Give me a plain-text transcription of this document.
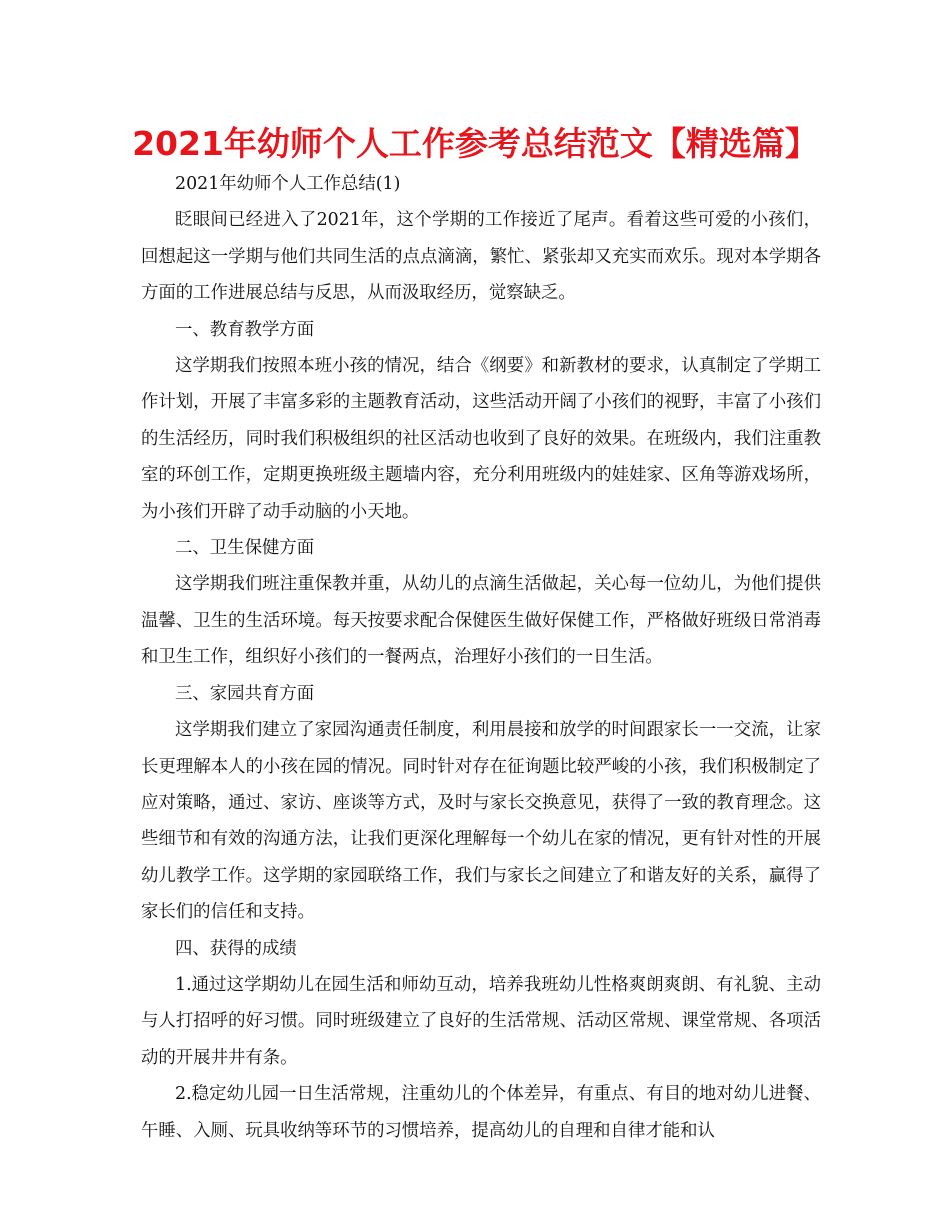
2021年幼师个人工作参考总结范文【精选篇】

2021年幼师个人工作总结(1)

眨眼间已经进入了2021年，这个学期的工作接近了尾声。看着这些可爱的小孩们，回想起这一学期与他们共同生活的点点滴滴，繁忙、紧张却又充实而欢乐。现对本学期各方面的工作进展总结与反思，从而汲取经历，觉察缺乏。

一、教育教学方面

这学期我们按照本班小孩的情况，结合《纲要》和新教材的要求，认真制定了学期工作计划，开展了丰富多彩的主题教育活动，这些活动开阔了小孩们的视野，丰富了小孩们的生活经历，同时我们积极组织的社区活动也收到了良好的效果。在班级内，我们注重教室的环创工作，定期更换班级主题墙内容，充分利用班级内的娃娃家、区角等游戏场所，为小孩们开辟了动手动脑的小天地。

二、卫生保健方面

这学期我们班注重保教并重，从幼儿的点滴生活做起，关心每一位幼儿，为他们提供温馨、卫生的生活环境。每天按要求配合保健医生做好保健工作，严格做好班级日常消毒和卫生工作，组织好小孩们的一餐两点，治理好小孩们的一日生活。

三、家园共育方面

这学期我们建立了家园沟通责任制度，利用晨接和放学的时间跟家长一一交流，让家长更理解本人的小孩在园的情况。同时针对存在征询题比较严峻的小孩，我们积极制定了应对策略，通过、家访、座谈等方式，及时与家长交换意见，获得了一致的教育理念。这些细节和有效的沟通方法，让我们更深化理解每一个幼儿在家的情况，更有针对性的开展幼儿教学工作。这学期的家园联络工作，我们与家长之间建立了和谐友好的关系，赢得了家长们的信任和支持。

四、获得的成绩

1.通过这学期幼儿在园生活和师幼互动，培养我班幼儿性格爽朗爽朗、有礼貌、主动与人打招呼的好习惯。同时班级建立了良好的生活常规、活动区常规、课堂常规、各项活动的开展井井有条。

2.稳定幼儿园一日生活常规，注重幼儿的个体差异，有重点、有目的地对幼儿进餐、午睡、入厕、玩具收纳等环节的习惯培养，提高幼儿的自理和自律才能和认
